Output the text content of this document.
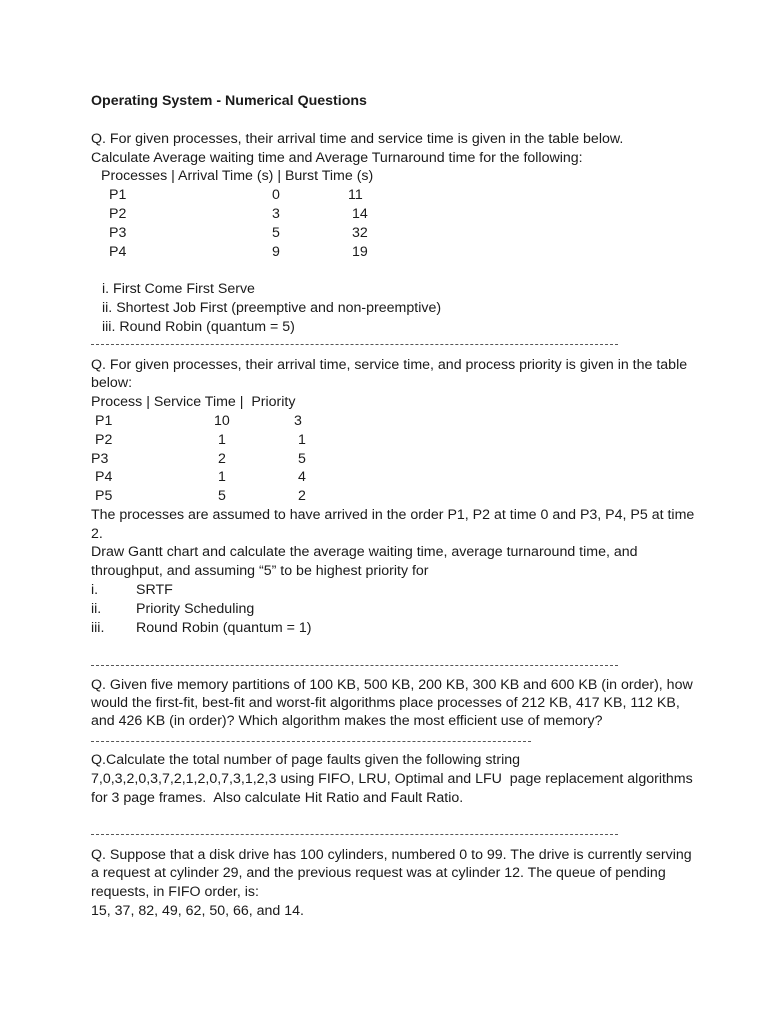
Operating System - Numerical Questions
Q. For given processes, their arrival time and service time is given in the table below.
Calculate Average waiting time and Average Turnaround time for the following:
Processes | Arrival Time (s) | Burst Time (s)
P1	0	11
P2	3	14
P3	5	32
P4	9	19
i. First Come First Serve
ii. Shortest Job First (preemptive and non-preemptive)
iii. Round Robin (quantum = 5)
Q. For given processes, their arrival time, service time, and process priority is given in the table
below:
Process | Service Time |  Priority
P1	10	3
P2	1	1
P3	2	5
P4	1	4
P5	5	2
The processes are assumed to have arrived in the order P1, P2 at time 0 and P3, P4, P5 at time
2.
Draw Gantt chart and calculate the average waiting time, average turnaround time, and
throughput, and assuming “5” to be highest priority for
i.	SRTF
ii. Priority Scheduling
iii. Round Robin (quantum = 1)
Q. Given five memory partitions of 100 KB, 500 KB, 200 KB, 300 KB and 600 KB (in order), how
would the first-fit, best-fit and worst-fit algorithms place processes of 212 KB, 417 KB, 112 KB,
and 426 KB (in order)? Which algorithm makes the most efficient use of memory?
Q.Calculate the total number of page faults given the following string
7,0,3,2,0,3,7,2,1,2,0,7,3,1,2,3 using FIFO, LRU, Optimal and LFU  page replacement algorithms
for 3 page frames.  Also calculate Hit Ratio and Fault Ratio.
Q. Suppose that a disk drive has 100 cylinders, numbered 0 to 99. The drive is currently serving
a request at cylinder 29, and the previous request was at cylinder 12. The queue of pending
requests, in FIFO order, is:
15, 37, 82, 49, 62, 50, 66, and 14.
